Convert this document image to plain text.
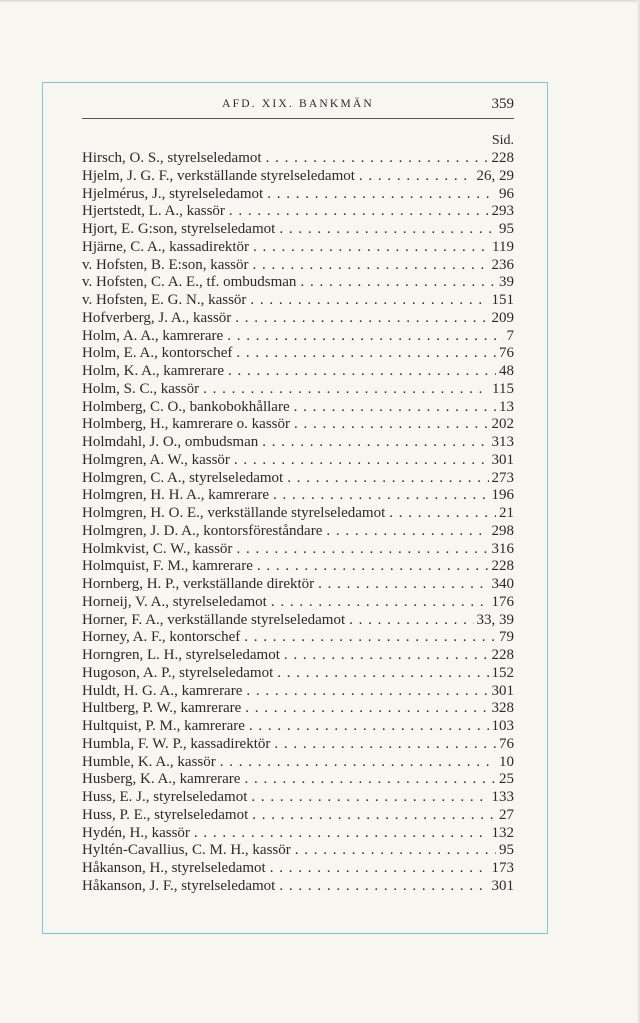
AFD. XIX. BANKMÄN	359
Sid.
Hirsch, O. S., styrelseledamot . . .	228
Hjelm, J. G. F., verkställande styrelseledamot . . .	26, 29
Hjelmérus, J., styrelseledamot . . .	96
Hjertstedt, L. A., kassör . . .	293
Hjort, E. G:son, styrelseledamot . . .	95
Hjärne, C. A., kassadirektör . . .	119
v. Hofsten, B. E:son, kassör . . .	236
v. Hofsten, C. A. E., tf. ombudsman . . .	39
v. Hofsten, E. G. N., kassör . . .	151
Hofverberg, J. A., kassör . . .	209
Holm, A. A., kamrerare . . .	7
Holm, E. A., kontorschef . . .	76
Holm, K. A., kamrerare . . .	48
Holm, S. C., kassör . . .	115
Holmberg, C. O., bankobokhållare . . .	13
Holmberg, H., kamrerare o. kassör . . .	202
Holmdahl, J. O., ombudsman . . .	313
Holmgren, A. W., kassör . . .	301
Holmgren, C. A., styrelseledamot . . .	273
Holmgren, H. H. A., kamrerare . . .	196
Holmgren, H. O. E., verkställande styrelseledamot . . .	21
Holmgren, J. D. A., kontorsföreståndare . . .	298
Holmkvist, C. W., kassör . . .	316
Holmquist, F. M., kamrerare . . .	228
Hornberg, H. P., verkställande direktör . . .	340
Horneij, V. A., styrelseledamot . . .	176
Horner, F. A., verkställande styrelseledamot . . .	33, 39
Horney, A. F., kontorschef . . .	79
Horngren, L. H., styrelseledamot . . .	228
Hugoson, A. P., styrelseledamot . . .	152
Huldt, H. G. A., kamrerare . . .	301
Hultberg, P. W., kamrerare . . .	328
Hultquist, P. M., kamrerare . . .	103
Humbla, F. W. P., kassadirektör . . .	76
Humble, K. A., kassör . . .	10
Husberg, K. A., kamrerare . . .	25
Huss, E. J., styrelseledamot . . .	133
Huss, P. E., styrelseledamot . . .	27
Hydén, H., kassör . . .	132
Hyltén-Cavallius, C. M. H., kassör . . .	95
Håkanson, H., styrelseledamot . . .	173
Håkanson, J. F., styrelseledamot . . .	301
